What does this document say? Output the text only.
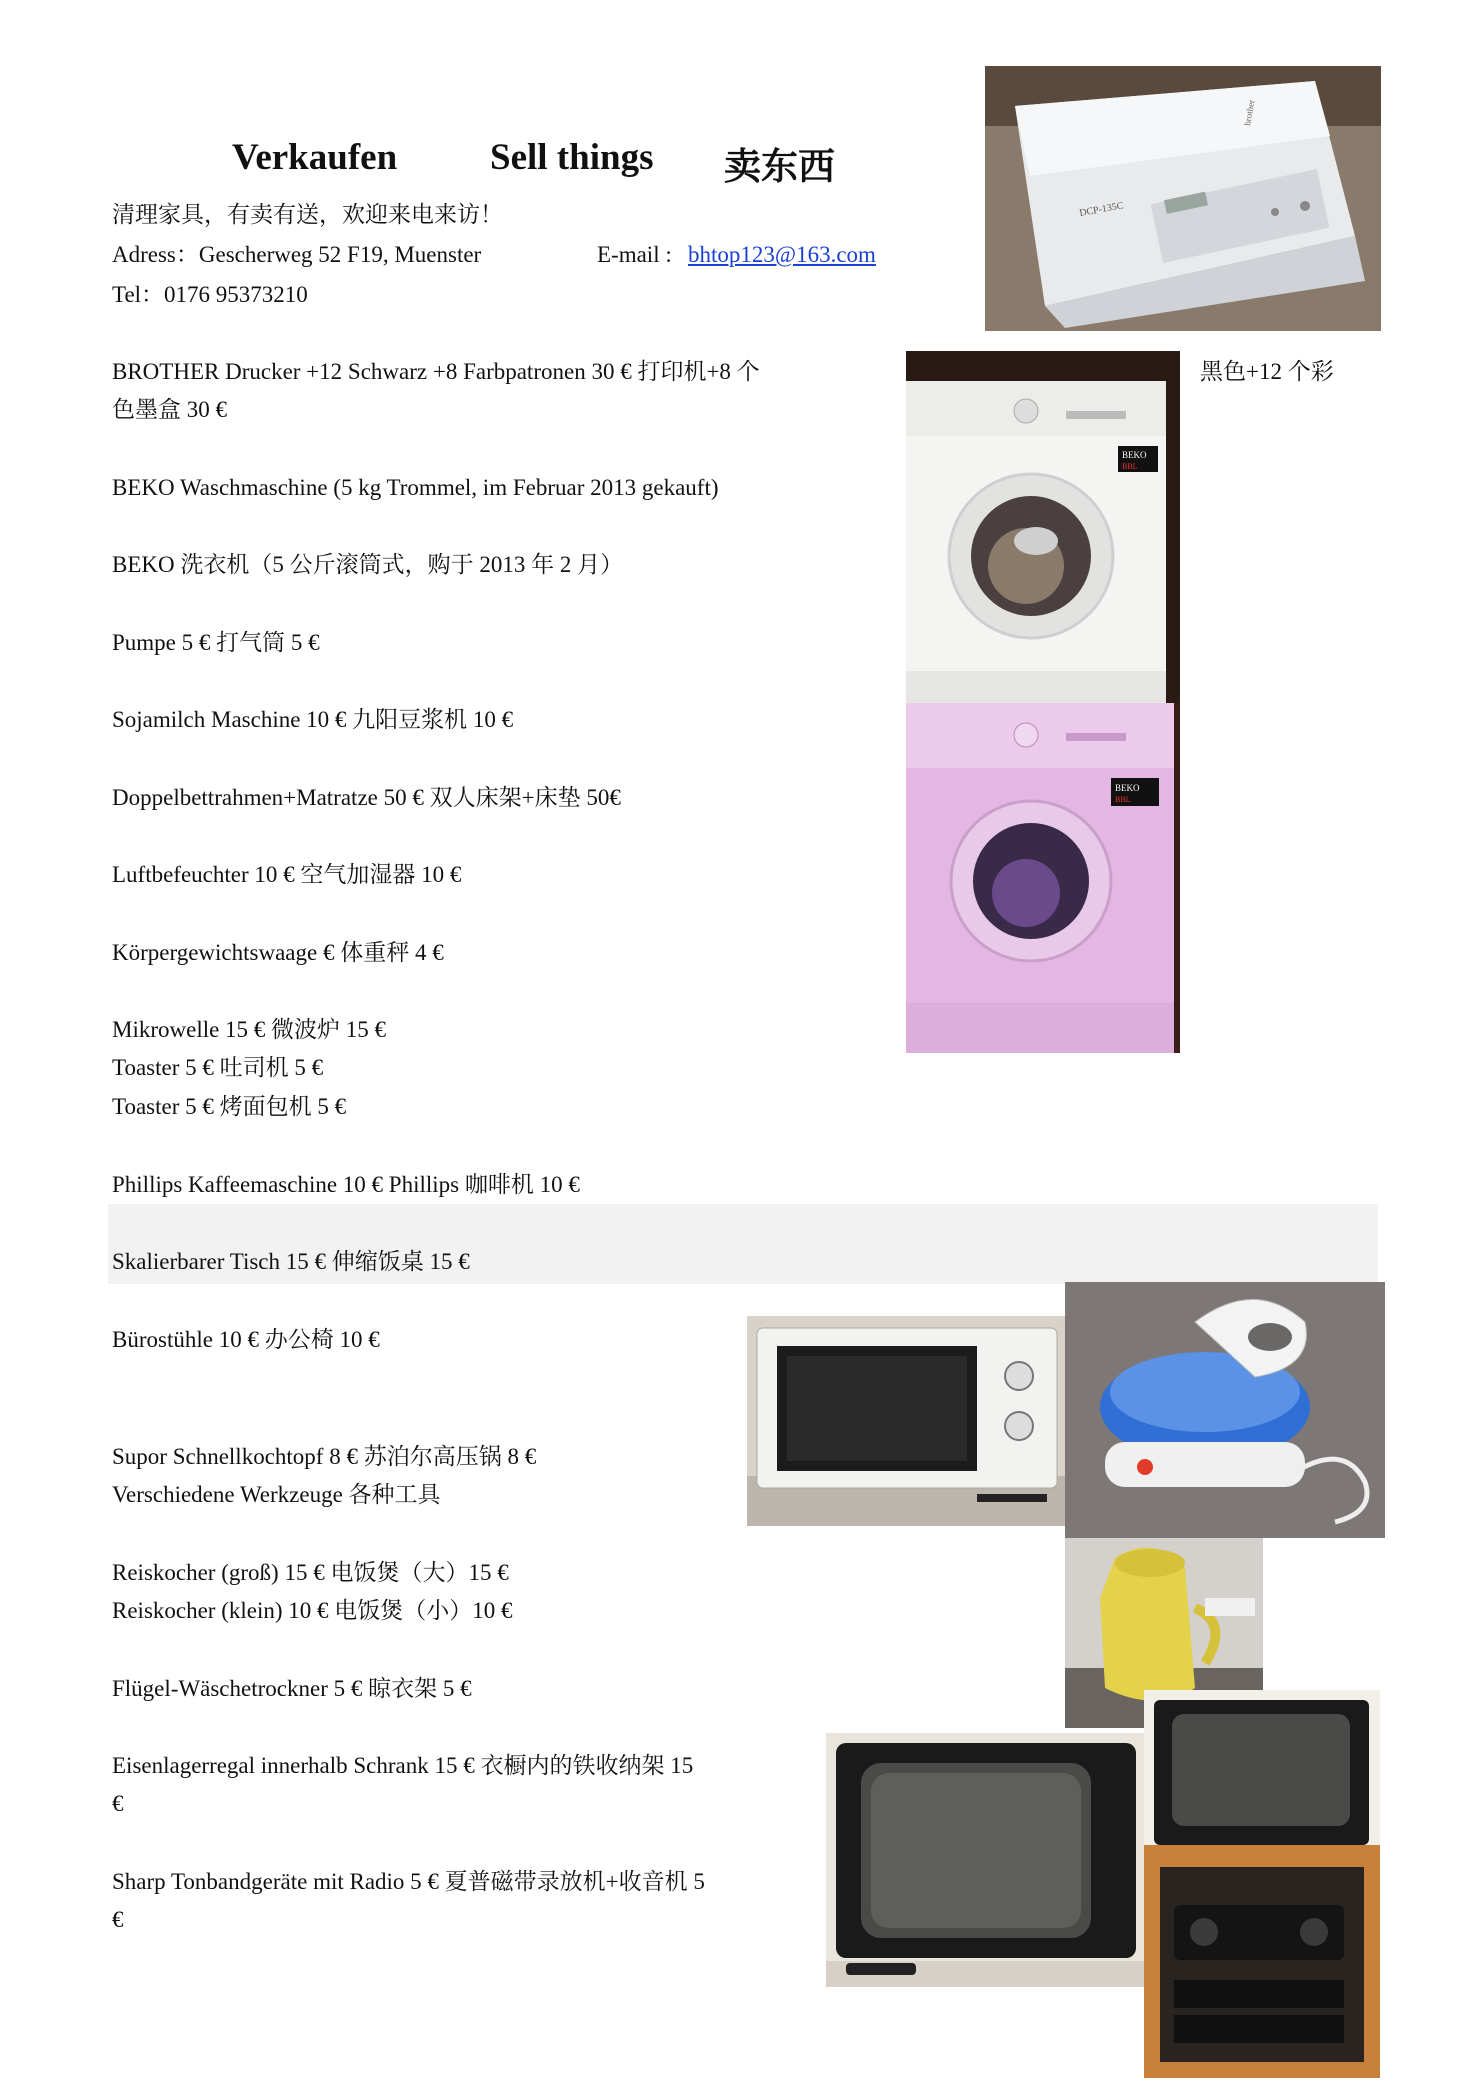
Verkaufen	Sell things 卖东西
清理家具，有卖有送，欢迎来电来访！
Adress：Gescherweg 52 F19, Muenster	E-mail : bhtop123@163.com
Tel：0176 95373210
BROTHER Drucker +12 Schwarz +8 Farbpatronen 30 € 打印机+8 个	黑色+12 个彩
色墨盒 30 €
BEKO Waschmaschine (5 kg Trommel, im Februar 2013 gekauft)
BEKO 洗衣机（5 公斤滚筒式，购于 2013 年 2 月）
Pumpe 5 € 打气筒 5 €
Sojamilch Maschine 10 € 九阳豆浆机 10 €
Doppelbettrahmen+Matratze 50 € 双人床架+床垫 50€
Luftbefeuchter 10 € 空气加湿器 10 €
Körpergewichtswaage € 体重秤 4 €
Mikrowelle 15 € 微波炉 15 €
Toaster 5 € 吐司机 5 €
Toaster 5 € 烤面包机 5 €
Phillips Kaffeemaschine 10 € Phillips 咖啡机 10 €
Skalierbarer Tisch 15 € 伸缩饭桌 15 €
Bürostühle 10 € 办公椅 10 €
Supor Schnellkochtopf 8 € 苏泊尔高压锅 8 €
Verschiedene Werkzeuge 各种工具
Reiskocher (groß) 15 € 电饭煲（大）15 €
Reiskocher (klein) 10 € 电饭煲（小）10 €
Flügel-Wäschetrockner 5 € 晾衣架 5 €
Eisenlagerregal innerhalb Schrank 15 € 衣橱内的铁收纳架 15
€
Sharp Tonbandgeräte mit Radio 5 € 夏普磁带录放机+收音机 5
€
DCP-135C
brother
BEKO
BBL
BEKO
BBL
